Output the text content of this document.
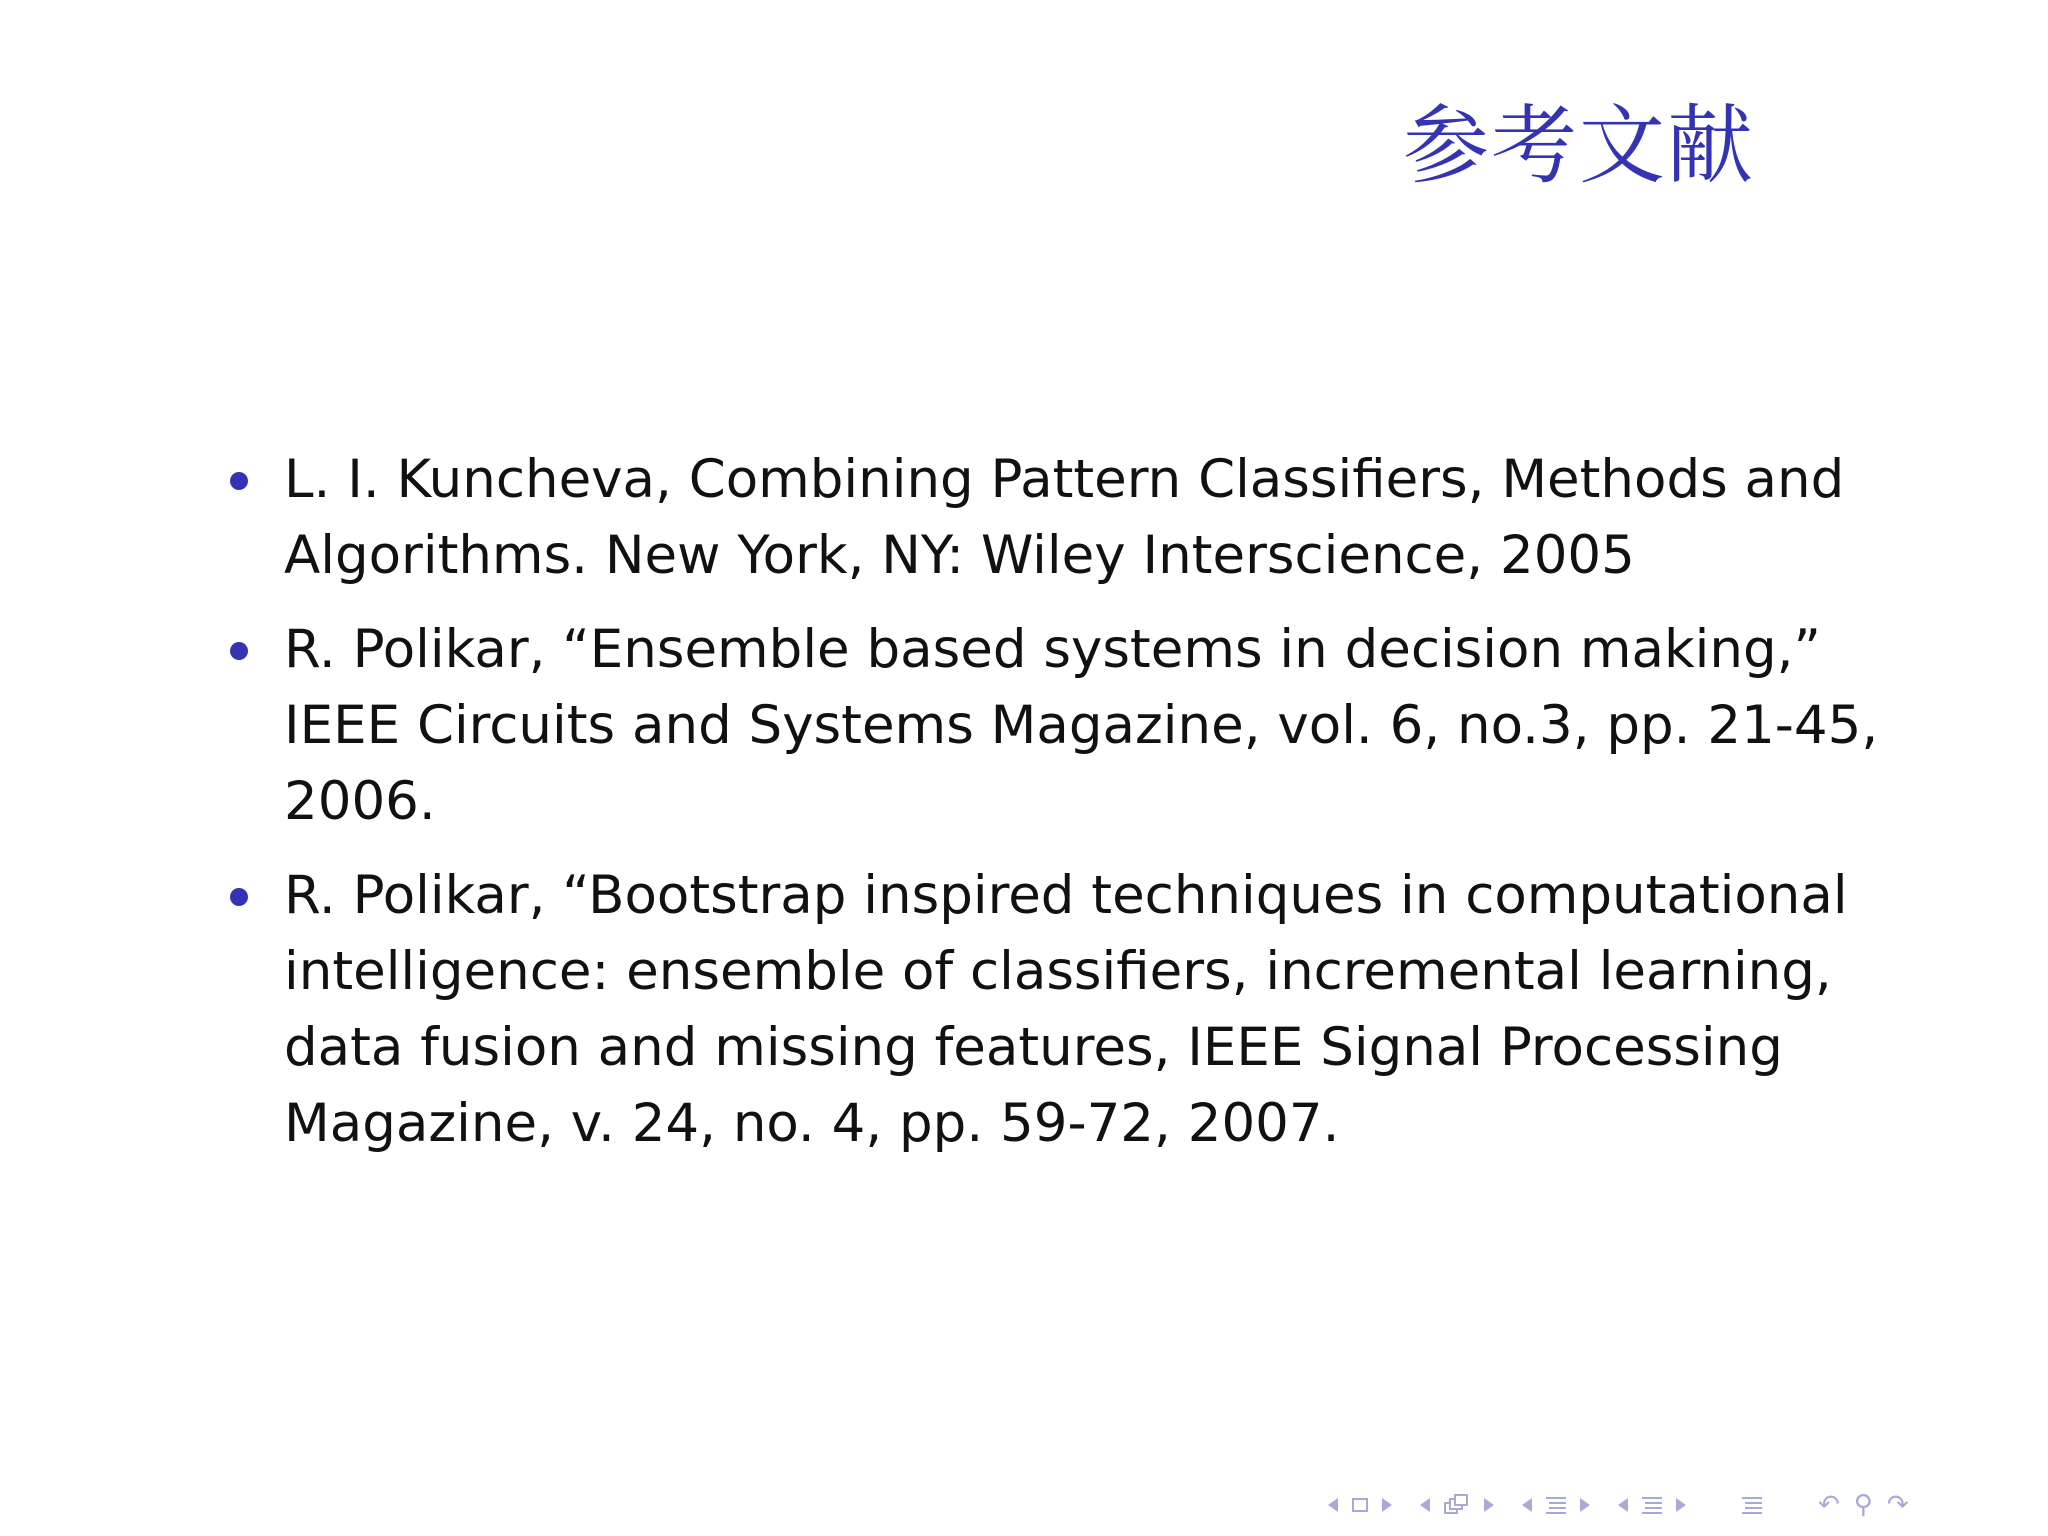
参考文献
L. I. Kuncheva, Combining Pattern Classifiers, Methods and Algorithms. New York, NY: Wiley Interscience, 2005
R. Polikar, “Ensemble based systems in decision making,” IEEE Circuits and Systems Magazine, vol. 6, no.3, pp. 21-45, 2006.
R. Polikar, “Bootstrap inspired techniques in computational intelligence: ensemble of classifiers, incremental learning, data fusion and missing features, IEEE Signal Processing Magazine, v. 24, no. 4, pp. 59-72, 2007.
↶ ⚲ ↷
